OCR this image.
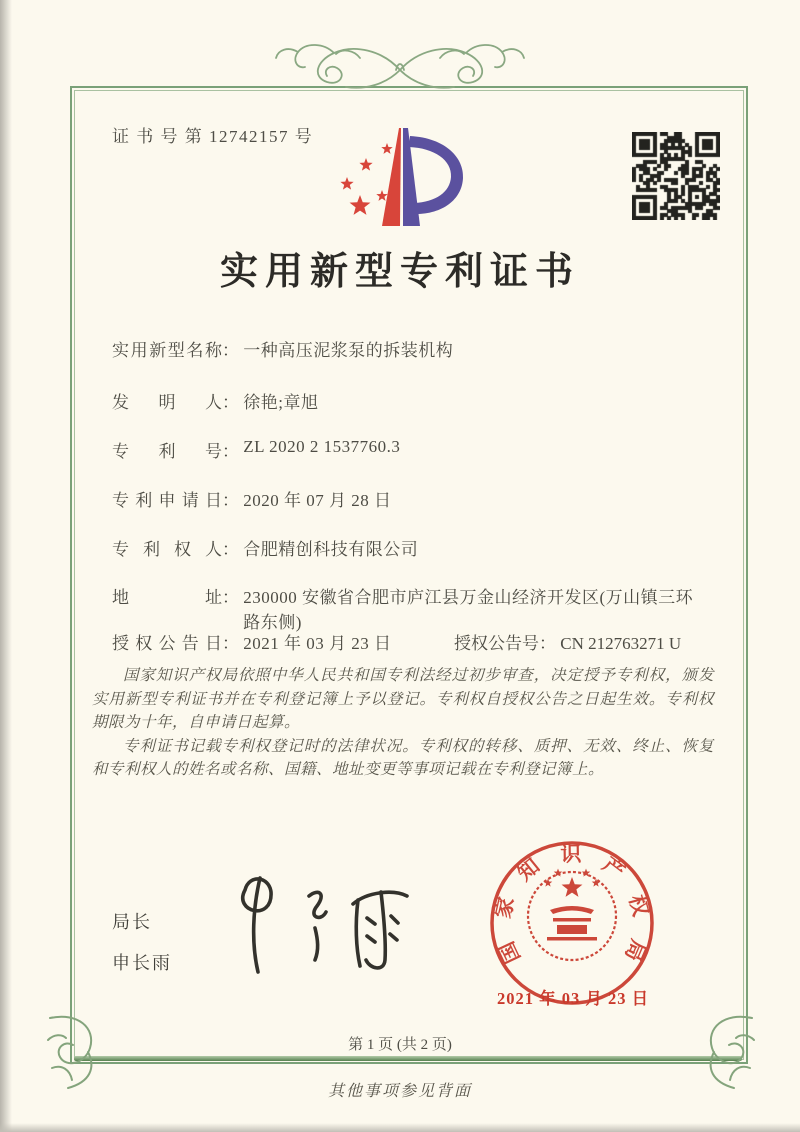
证 书 号 第 12742157 号
实用新型专利证书
实用新型名称： 一种高压泥浆泵的拆装机构
发明人： 徐艳;章旭
专利号： ZL 2020 2 1537760.3
专利申请日： 2020 年 07 月 28 日
专利权人： 合肥精创科技有限公司
地址： 230000 安徽省合肥市庐江县万金山经济开发区(万山镇三环路东侧)
授权公告日： 2021 年 03 月 23 日	授权公告号： CN 212763271 U

国家知识产权局依照中华人民共和国专利法经过初步审查，决定授予专利权，颁发实用新型专利证书并在专利登记簿上予以登记。专利权自授权公告之日起生效。专利权期限为十年，自申请日起算。

专利证书记载专利权登记时的法律状况。专利权的转移、质押、无效、终止、恢复和专利权人的姓名或名称、国籍、地址变更等事项记载在专利登记簿上。

局长
申长雨	国家知识产权局
2021 年 03 月 23 日
第 1 页 (共 2 页)
其他事项参见背面
